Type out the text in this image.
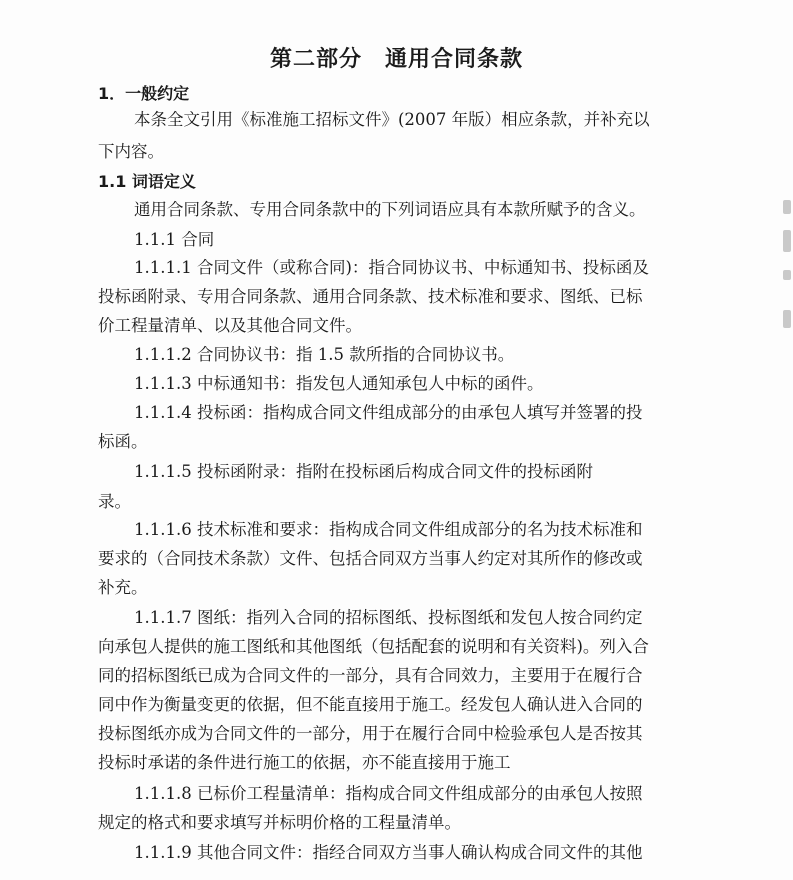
第二部分　通用合同条款
1．一般约定
本条全文引用《标准施工招标文件》(2007 年版）相应条款，并补充以
下内容。
1.1 词语定义
通用合同条款、专用合同条款中的下列词语应具有本款所赋予的含义。
1.1.1 合同
1.1.1.1 合同文件（或称合同)：指合同协议书、中标通知书、投标函及
投标函附录、专用合同条款、通用合同条款、技术标准和要求、图纸、已标
价工程量清单、以及其他合同文件。
1.1.1.2 合同协议书：指 1.5 款所指的合同协议书。
1.1.1.3 中标通知书：指发包人通知承包人中标的函件。
1.1.1.4 投标函：指构成合同文件组成部分的由承包人填写并签署的投
标函。
1.1.1.5 投标函附录：指附在投标函后构成合同文件的投标函附
录。
1.1.1.6 技术标准和要求：指构成合同文件组成部分的名为技术标准和
要求的（合同技术条款）文件、包括合同双方当事人约定对其所作的修改或
补充。
1.1.1.7 图纸：指列入合同的招标图纸、投标图纸和发包人按合同约定
向承包人提供的施工图纸和其他图纸（包括配套的说明和有关资料)。列入合
同的招标图纸已成为合同文件的一部分，具有合同效力，主要用于在履行合
同中作为衡量变更的依据，但不能直接用于施工。经发包人确认进入合同的
投标图纸亦成为合同文件的一部分，用于在履行合同中检验承包人是否按其
投标时承诺的条件进行施工的依据，亦不能直接用于施工
1.1.1.8 已标价工程量清单：指构成合同文件组成部分的由承包人按照
规定的格式和要求填写并标明价格的工程量清单。
1.1.1.9 其他合同文件：指经合同双方当事人确认构成合同文件的其他
